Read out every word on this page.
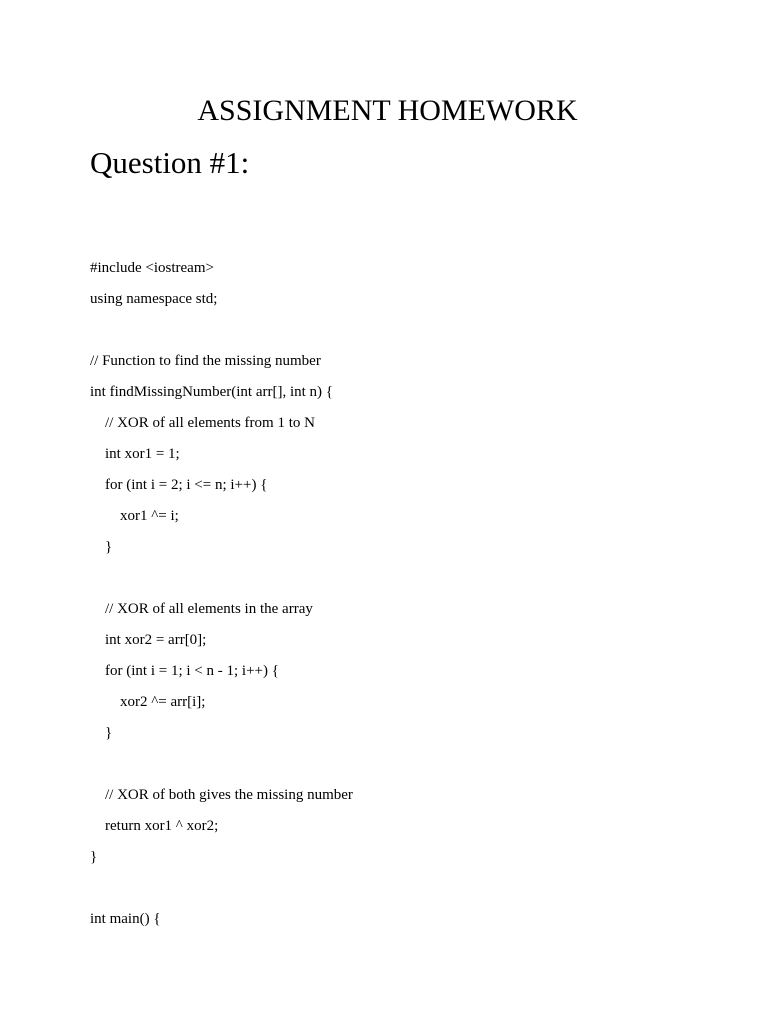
ASSIGNMENT HOMEWORK
Question #1:
#include <iostream>
using namespace std;
// Function to find the missing number
int findMissingNumber(int arr[], int n) {
// XOR of all elements from 1 to N
int xor1 = 1;
for (int i = 2; i <= n; i++) {
xor1 ^= i;
}
// XOR of all elements in the array
int xor2 = arr[0];
for (int i = 1; i < n - 1; i++) {
xor2 ^= arr[i];
}
// XOR of both gives the missing number
return xor1 ^ xor2;
}
int main() {
